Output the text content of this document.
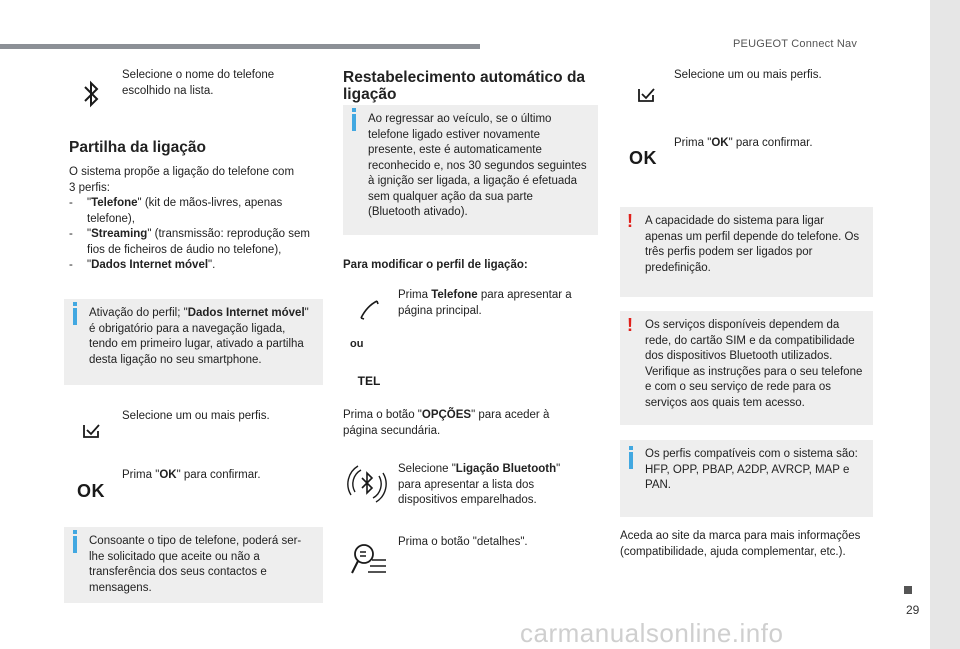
PEUGEOT Connect Nav
29
carmanualsonline.info
Selecione o nome do telefone escolhido na lista.
Partilha da ligação
O sistema propõe a ligação do telefone com
3 perfis:
-	"Telefone" (kit de mãos-livres, apenas telefone),
-	"Streaming" (transmissão: reprodução sem fios de ficheiros de áudio no telefone),
-	"Dados Internet móvel".
Ativação do perfil; "Dados Internet móvel" é obrigatório para a navegação ligada, tendo em primeiro lugar, ativado a partilha desta ligação no seu smartphone.
Selecione um ou mais perfis.
OK
Prima "OK" para confirmar.
Consoante o tipo de telefone, poderá ser-lhe solicitado que aceite ou não a transferência dos seus contactos e mensagens.
Restabelecimento automático da
ligação
Ao regressar ao veículo, se o último telefone ligado estiver novamente presente, este é automaticamente reconhecido e, nos 30 segundos seguintes à ignição ser ligada, a ligação é efetuada sem qualquer ação da sua parte (Bluetooth ativado).
Para modificar o perfil de ligação:
Prima Telefone para apresentar a página principal.
ou
TEL
Prima o botão "OPÇÕES" para aceder à página secundária.
Selecione "Ligação Bluetooth" para apresentar a lista dos dispositivos emparelhados.
Prima o botão "detalhes".
Selecione um ou mais perfis.
OK
Prima "OK" para confirmar.
A capacidade do sistema para ligar apenas um perfil depende do telefone. Os três perfis podem ser ligados por predefinição.
!
Os serviços disponíveis dependem da rede, do cartão SIM e da compatibilidade dos dispositivos Bluetooth utilizados. Verifique as instruções para o seu telefone e com o seu serviço de rede para os serviços aos quais tem acesso.
!
Os perfis compatíveis com o sistema são: HFP, OPP, PBAP, A2DP, AVRCP, MAP e PAN.
Aceda ao site da marca para mais informações (compatibilidade, ajuda complementar, etc.).
